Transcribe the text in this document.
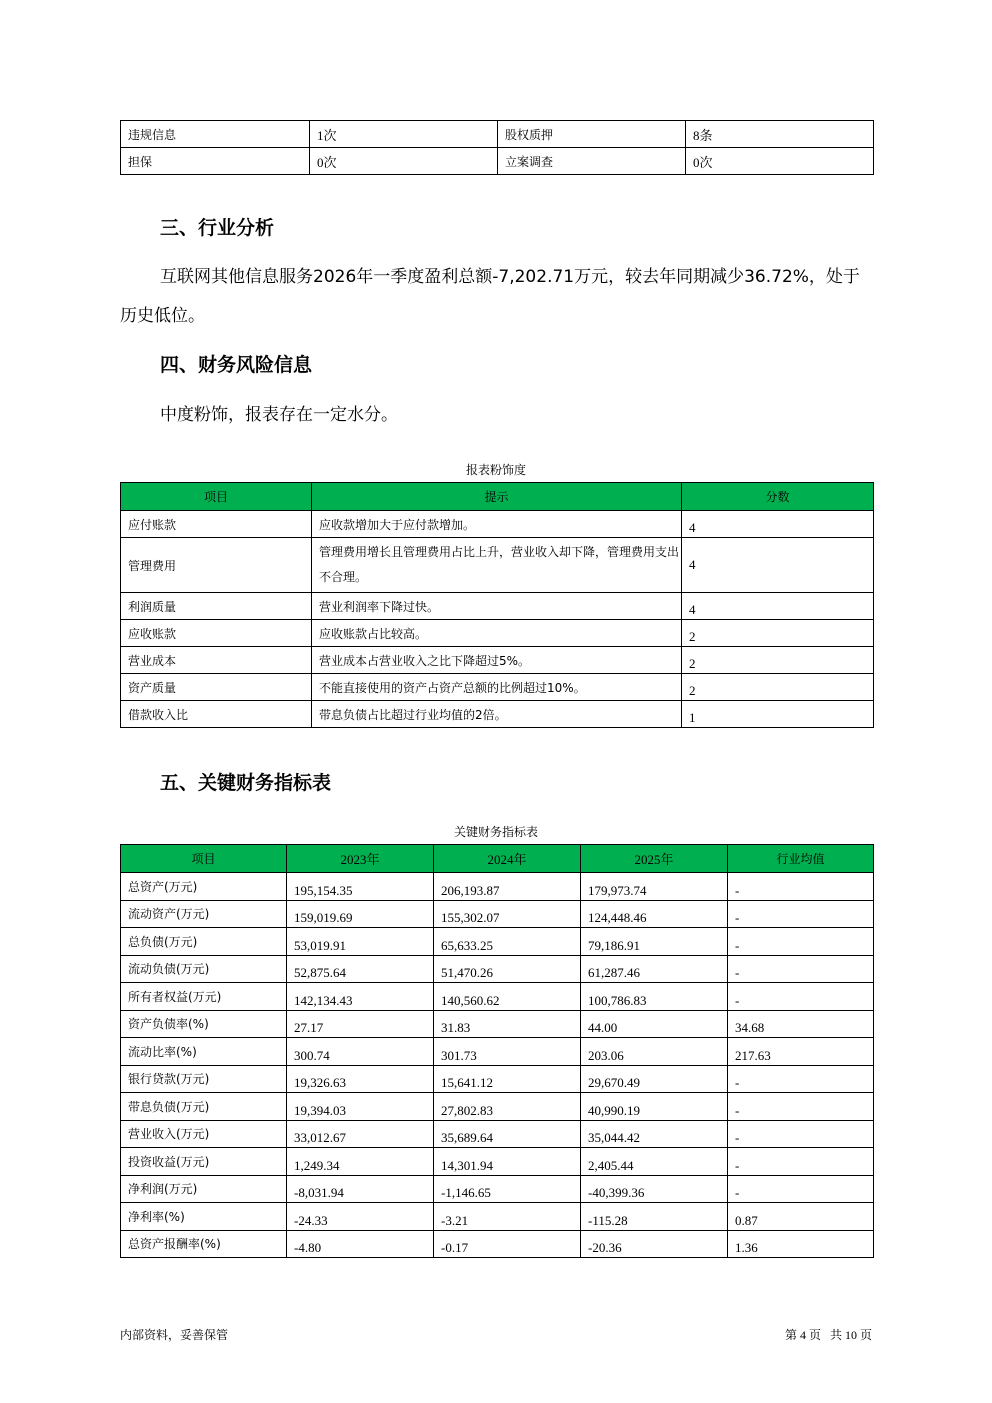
违规信息	1次	股权质押	8条
担保	0次	立案调查	0次
三、行业分析

互联网其他信息服务2026年一季度盈利总额-7,202.71万元，较去年同期减少36.72%，处于

历史低位。

四、财务风险信息

中度粉饰，报表存在一定水分。

报表粉饰度
项目	提示	分数
应付账款	应收款增加大于应付款增加。	4
管理费用	管理费用增长且管理费用占比上升，营业收入却下降，管理费用支出不合理。	4
利润质量	营业利润率下降过快。	4
应收账款	应收账款占比较高。	2
营业成本	营业成本占营业收入之比下降超过5%。	2
资产质量	不能直接使用的资产占资产总额的比例超过10%。	2
借款收入比	带息负债占比超过行业均值的2倍。	1
五、关键财务指标表
关键财务指标表
项目	2023年	2024年	2025年	行业均值
总资产(万元)	195,154.35	206,193.87	179,973.74	-
流动资产(万元)	159,019.69	155,302.07	124,448.46	-
总负债(万元)	53,019.91	65,633.25	79,186.91	-
流动负债(万元)	52,875.64	51,470.26	61,287.46	-
所有者权益(万元)	142,134.43	140,560.62	100,786.83	-
资产负债率(%)	27.17	31.83	44.00	34.68
流动比率(%)	300.74	301.73	203.06	217.63
银行贷款(万元)	19,326.63	15,641.12	29,670.49	-
带息负债(万元)	19,394.03	27,802.83	40,990.19	-
营业收入(万元)	33,012.67	35,689.64	35,044.42	-
投资收益(万元)	1,249.34	14,301.94	2,405.44	-
净利润(万元)	-8,031.94	-1,146.65	-40,399.36	-
净利率(%)	-24.33	-3.21	-115.28	0.87
总资产报酬率(%)	-4.80	-0.17	-20.36	1.36
内部资料，妥善保管	第 4 页   共 10 页
